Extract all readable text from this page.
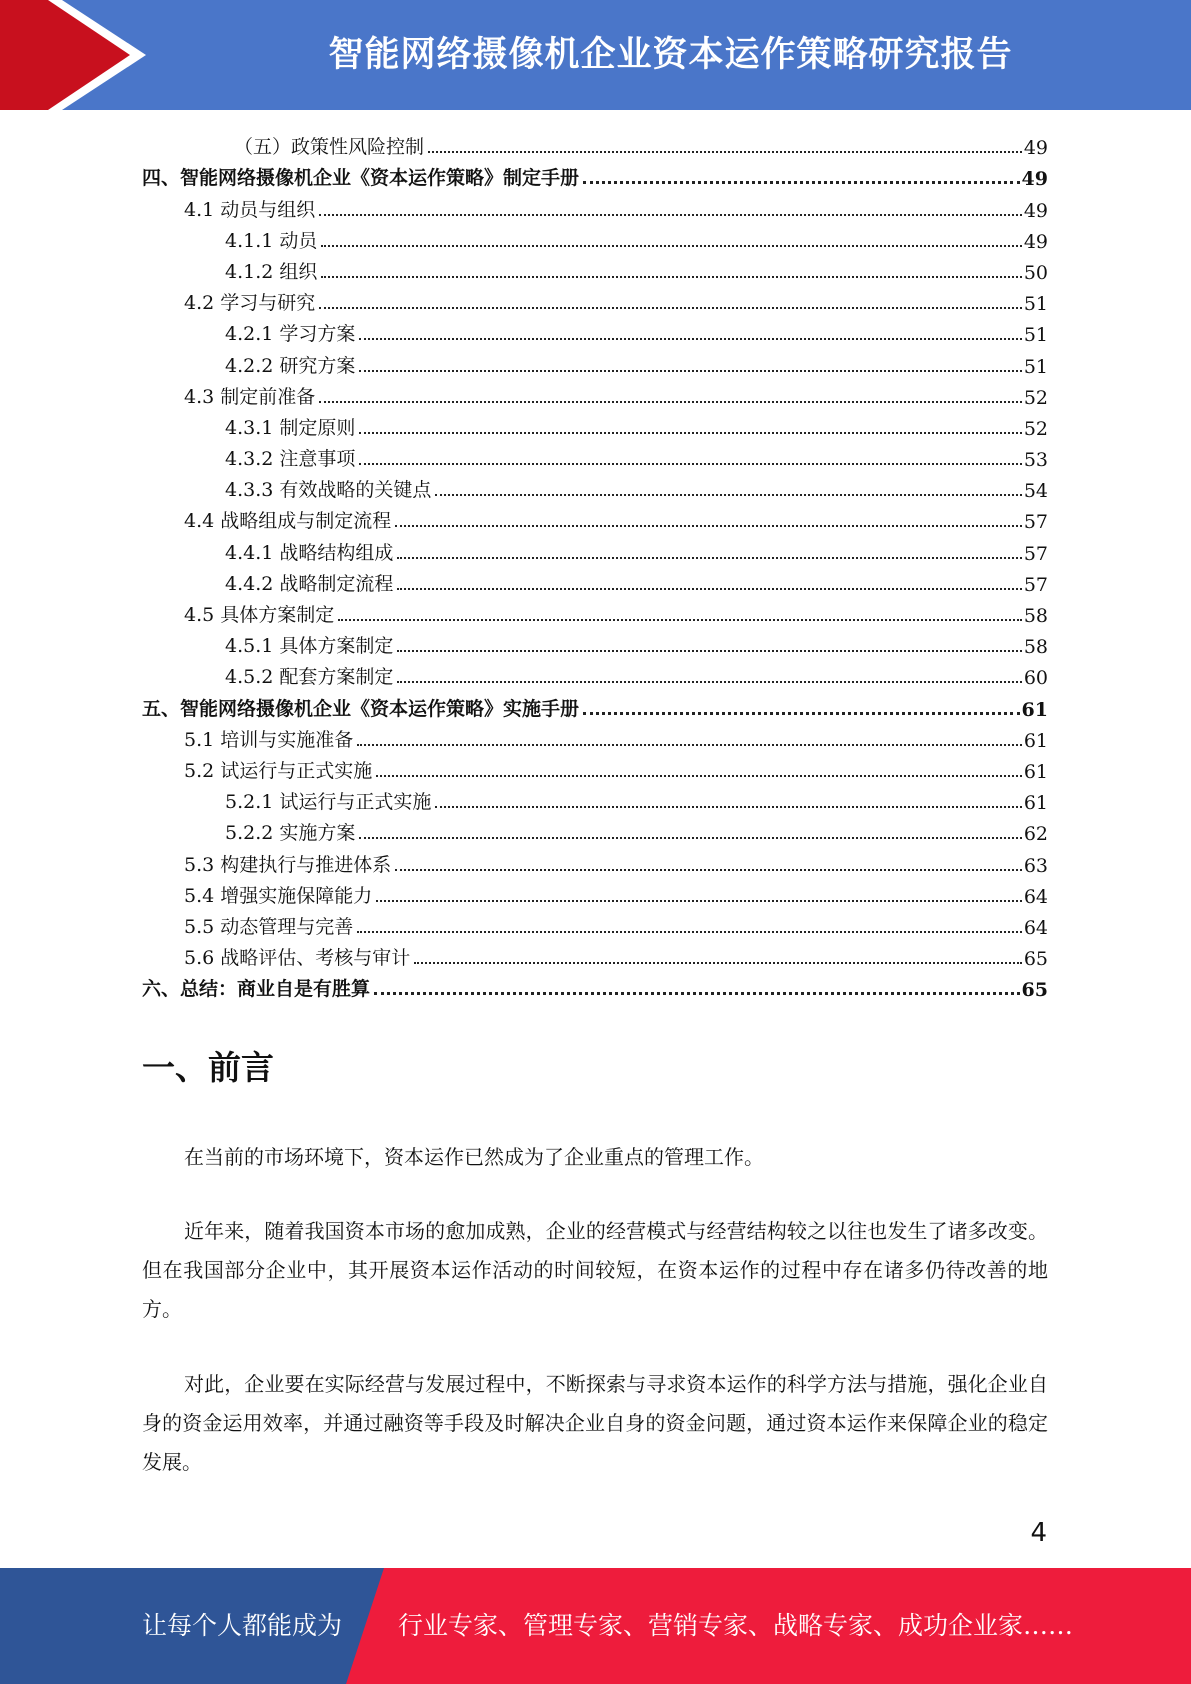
智能网络摄像机企业资本运作策略研究报告
（五）政策性风险控制	49
四、智能网络摄像机企业《资本运作策略》制定手册	49
4.1 动员与组织	49
4.1.1 动员	49
4.1.2 组织	50
4.2 学习与研究	51
4.2.1 学习方案	51
4.2.2 研究方案	51
4.3 制定前准备	52
4.3.1 制定原则	52
4.3.2 注意事项	53
4.3.3 有效战略的关键点	54
4.4 战略组成与制定流程	57
4.4.1 战略结构组成	57
4.4.2 战略制定流程	57
4.5 具体方案制定	58
4.5.1 具体方案制定	58
4.5.2 配套方案制定	60
五、智能网络摄像机企业《资本运作策略》实施手册	61
5.1 培训与实施准备	61
5.2 试运行与正式实施	61
5.2.1 试运行与正式实施	61
5.2.2 实施方案	62
5.3 构建执行与推进体系	63
5.4 增强实施保障能力	64
5.5 动态管理与完善	64
5.6 战略评估、考核与审计	65
六、总结：商业自是有胜算	65
一、前言

在当前的市场环境下，资本运作已然成为了企业重点的管理工作。

近年来，随着我国资本市场的愈加成熟，企业的经营模式与经营结构较之以往也发生了诸多改变。但在我国部分企业中，其开展资本运作活动的时间较短，在资本运作的过程中存在诸多仍待改善的地方。

对此，企业要在实际经营与发展过程中，不断探索与寻求资本运作的科学方法与措施，强化企业自身的资金运用效率，并通过融资等手段及时解决企业自身的资金问题，通过资本运作来保障企业的稳定发展。

4
让每个人都能成为 行业专家、管理专家、营销专家、战略专家、成功企业家……
